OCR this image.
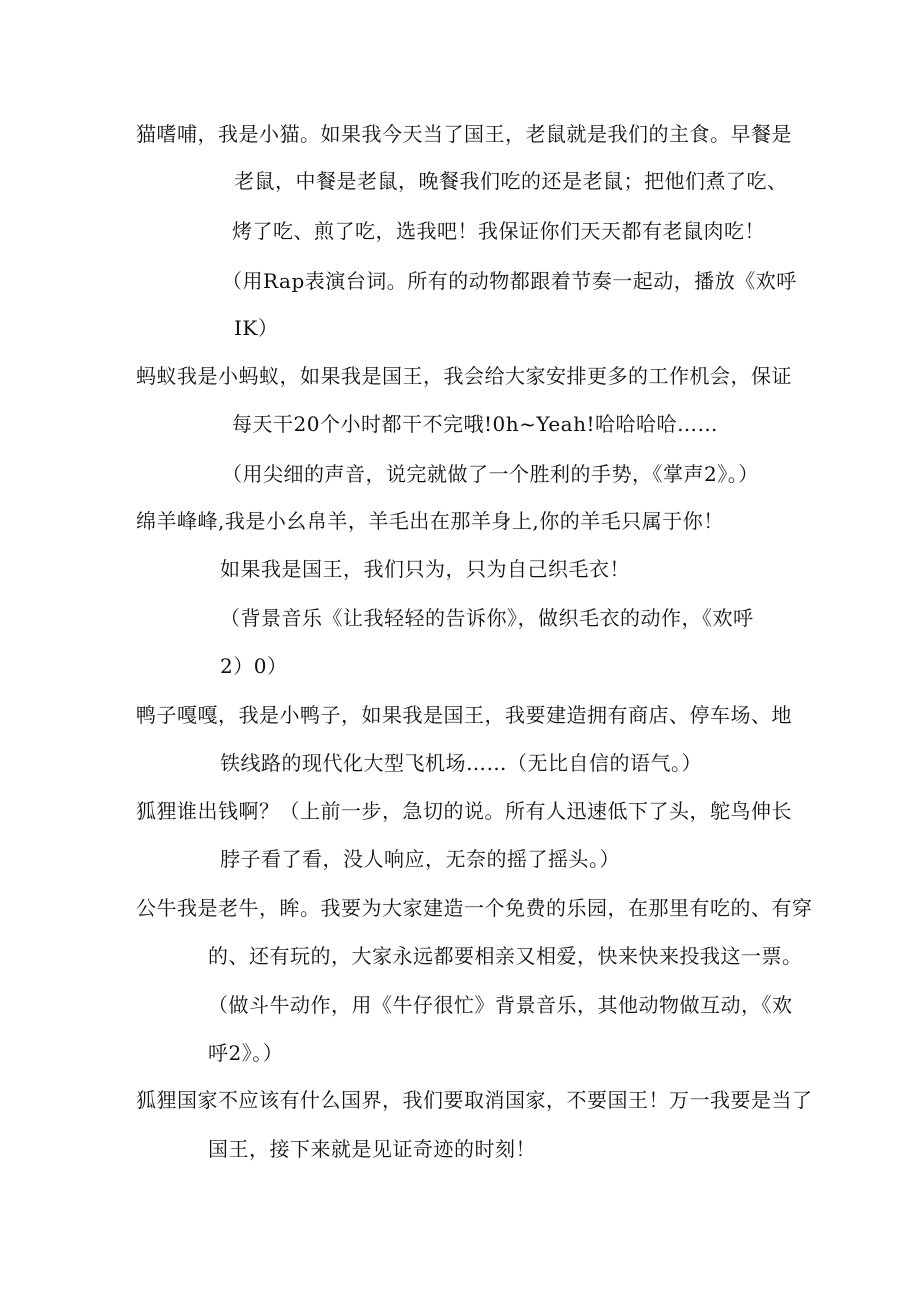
猫嗜哺，我是小猫。如果我今天当了国王，老鼠就是我们的主食。早餐是
老鼠，中餐是老鼠，晚餐我们吃的还是老鼠；把他们煮了吃、
烤了吃、煎了吃，选我吧！我保证你们天天都有老鼠肉吃！
（用Rap表演台词。所有的动物都跟着节奏一起动，播放《欢呼
IK）
蚂蚁我是小蚂蚁，如果我是国王，我会给大家安排更多的工作机会，保证
每天干20个小时都干不完哦!0h~Yeah!哈哈哈哈……
（用尖细的声音，说完就做了一个胜利的手势，《掌声2》。）
绵羊峰峰,我是小幺帛羊，羊毛出在那羊身上,你的羊毛只属于你！
如果我是国王，我们只为，只为自己织毛衣！
（背景音乐《让我轻轻的告诉你》，做织毛衣的动作，《欢呼
2）0）
鸭子嘎嘎，我是小鸭子，如果我是国王，我要建造拥有商店、停车场、地
铁线路的现代化大型飞机场……（无比自信的语气。）
狐狸谁出钱啊？（上前一步，急切的说。所有人迅速低下了头，鸵鸟伸长
脖子看了看，没人响应，无奈的摇了摇头。）
公牛我是老牛，眸。我要为大家建造一个免费的乐园，在那里有吃的、有穿
的、还有玩的，大家永远都要相亲又相爱，快来快来投我这一票。
（做斗牛动作，用《牛仔很忙》背景音乐，其他动物做互动，《欢
呼2》。）
狐狸国家不应该有什么国界，我们要取消国家，不要国王！万一我要是当了
国王，接下来就是见证奇迹的时刻！
